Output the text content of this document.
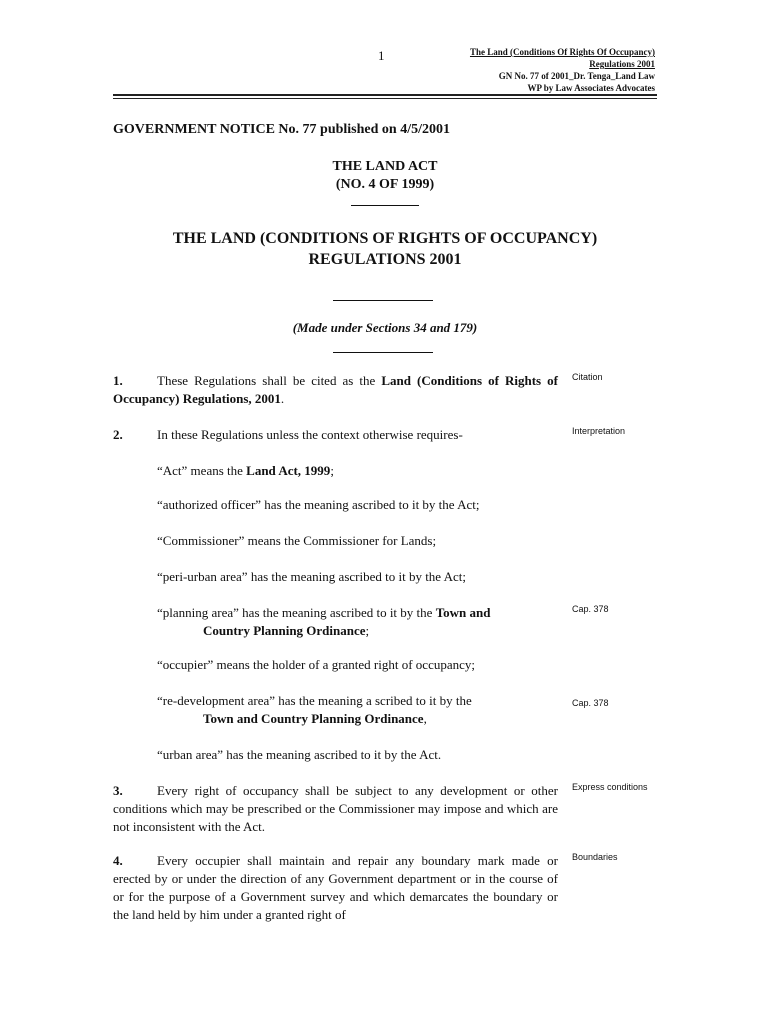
1	The Land (Conditions Of Rights Of Occupancy)
Regulations 2001
GN No. 77 of 2001_Dr. Tenga_Land Law
WP by Law Associates Advocates
GOVERNMENT NOTICE No. 77 published on 4/5/2001
THE LAND ACT
(NO. 4 OF 1999)
THE LAND (CONDITIONS OF RIGHTS OF OCCUPANCY)
REGULATIONS 2001
(Made under Sections 34 and 179)
1.	These Regulations shall be cited as the Land (Conditions of Rights of Occupancy) Regulations, 2001.
Citation
2.	In these Regulations unless the context otherwise requires-	Interpretation
“Act” means the Land Act, 1999;
“authorized officer” has the meaning ascribed to it by the Act;
“Commissioner” means the Commissioner for Lands;
“peri-urban area” has the meaning ascribed to it by the Act;
“planning area” has the meaning ascribed to it by the Town and
Country Planning Ordinance;
Cap. 378
“occupier” means the holder of a granted right of occupancy;
“re-development area” has the meaning a scribed to it by the
Town and Country Planning Ordinance,
Cap. 378
“urban area” has the meaning ascribed to it by the Act.
3.	Every right of occupancy shall be subject to any development or other conditions which may be prescribed or the Commissioner may impose and which are not inconsistent with the Act.
Express conditions
4.	Every occupier shall maintain and repair any boundary mark made or erected by or under the direction of any Government department or in the course of or for the purpose of a Government survey and which demarcates the boundary or the land held by him under a granted right of
Boundaries
